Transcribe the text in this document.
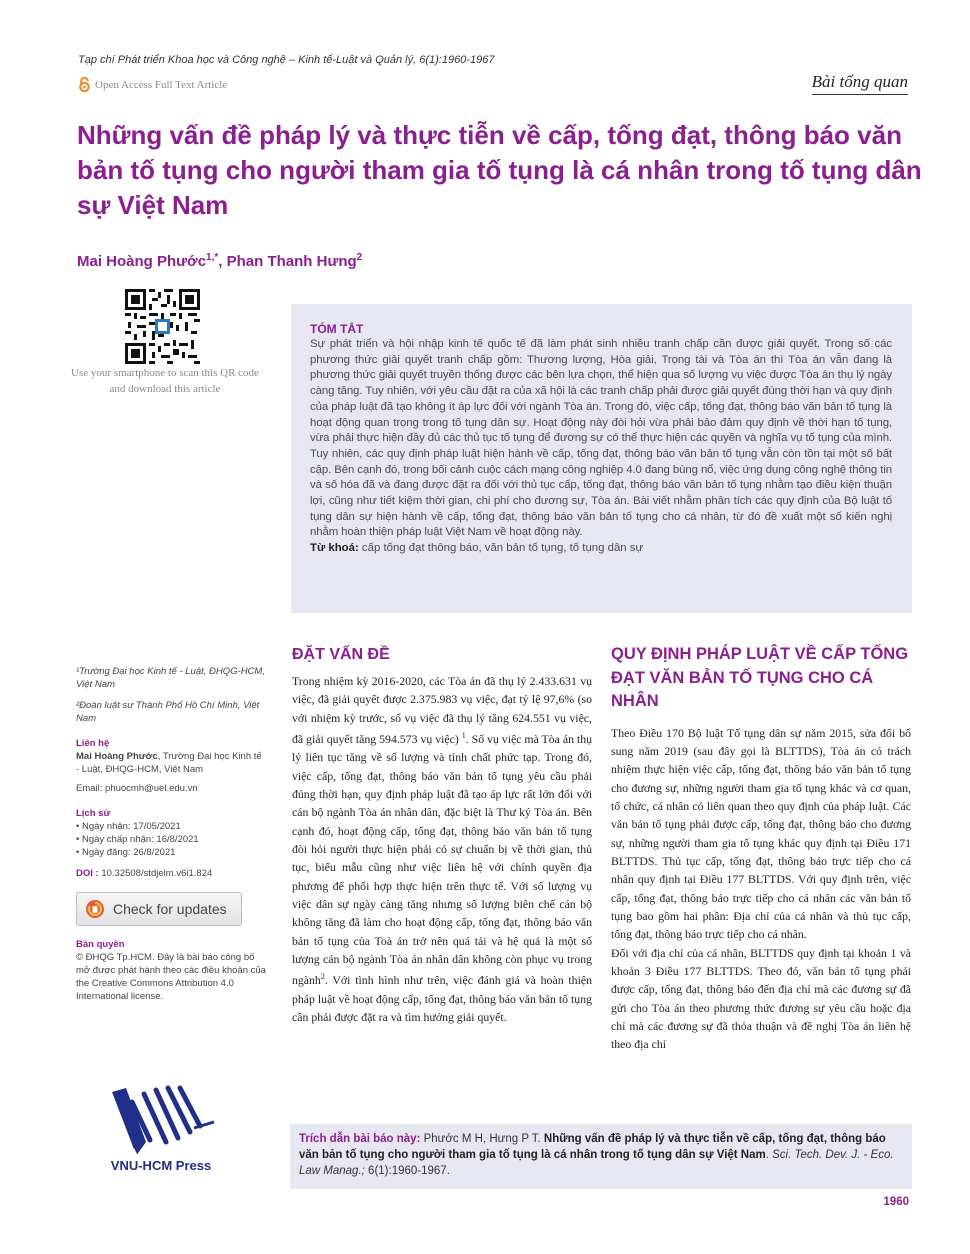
Tạp chí Phát triển Khoa học và Công nghệ – Kinh tế-Luật và Quản lý, 6(1):1960-1967
Open Access Full Text Article	Bài tổng quan
Những vấn đề pháp lý và thực tiễn về cấp, tống đạt, thông báo văn bản tố tụng cho người tham gia tố tụng là cá nhân trong tố tụng dân sự Việt Nam
Mai Hoàng Phước$^{1,*}$, Phan Thanh Hưng$^2$
Use your smartphone to scan this QR code and download this article
TÓM TẮT
Sự phát triển và hội nhập kinh tế quốc tế đã làm phát sinh nhiều tranh chấp cần được giải quyết. Trong số các phương thức giải quyết tranh chấp gồm: Thương lượng, Hòa giải, Trọng tài và Tòa án thì Tòa án vẫn đang là phương thức giải quyết truyền thống được các bên lựa chọn, thể hiện qua số lượng vụ việc được Tòa án thụ lý ngày càng tăng. Tuy nhiên, với yêu cầu đặt ra của xã hội là các tranh chấp phải được giải quyết đúng thời hạn và quy định của pháp luật đã tạo không ít áp lực đối với ngành Tòa án. Trong đó, việc cấp, tống đạt, thông báo văn bản tố tụng là hoạt động quan trọng trong tố tụng dân sự. Hoạt động này đòi hỏi vừa phải bảo đảm quy định về thời hạn tố tụng, vừa phải thực hiện đầy đủ các thủ tục tố tụng để đương sự có thể thực hiện các quyền và nghĩa vụ tố tụng của mình. Tuy nhiên, các quy định pháp luật hiện hành về cấp, tống đạt, thông báo văn bản tố tụng vẫn còn tồn tại một số bất cập. Bên cạnh đó, trong bối cảnh cuộc cách mạng công nghiệp 4.0 đang bùng nổ, việc ứng dụng công nghệ thông tin và số hóa đã và đang được đặt ra đối với thủ tục cấp, tống đạt, thông báo văn bản tố tụng nhằm tạo điều kiện thuận lợi, cũng như tiết kiệm thời gian, chi phí cho đương sự, Tòa án. Bài viết nhằm phân tích các quy định của Bộ luật tố tụng dân sự hiện hành về cấp, tống đạt, thông báo văn bản tố tụng cho cá nhân, từ đó đề xuất một số kiến nghị nhằm hoàn thiện pháp luật Việt Nam về hoạt động này.
Từ khoá: cấp tống đạt thông báo, văn bản tố tụng, tố tụng dân sự
¹Trường Đại học Kinh tế - Luật, ĐHQG-HCM, Việt Nam
²Đoàn luật sư Thành Phố Hồ Chí Minh, Việt Nam
Liên hệ
Mai Hoàng Phước, Trường Đại học Kinh tế - Luật, ĐHQG-HCM, Việt Nam
Email: phuocmh@uel.edu.vn
Lịch sử
• Ngày nhận: 17/05/2021
• Ngày chấp nhận: 16/8/2021
• Ngày đăng: 26/8/2021
DOI : 10.32508/stdjelm.v6i1.824
Check for updates
Bản quyền
© ĐHQG Tp.HCM. Đây là bài báo công bố mở được phát hành theo các điều khoản của the Creative Commons Attribution 4.0 International license.
VNU-HCM Press
ĐẶT VẤN ĐỀ

Trong nhiệm kỳ 2016-2020, các Tòa án đã thụ lý 2.433.631 vụ việc, đã giải quyết được 2.375.983 vụ việc, đạt tỷ lệ 97,6% (so với nhiệm kỳ trước, số vụ việc đã thụ lý tăng 624.551 vụ việc, đã giải quyết tăng 594.573 vụ việc) $^1$. Số vụ việc mà Tòa án thụ lý liên tục tăng về số lượng và tính chất phức tạp. Trong đó, việc cấp, tống đạt, thông báo văn bản tố tụng yêu cầu phải đúng thời hạn, quy định pháp luật đã tạo áp lực rất lớn đối với cán bộ ngành Tòa án nhân dân, đặc biệt là Thư ký Tòa án. Bên cạnh đó, hoạt động cấp, tống đạt, thông báo văn bản tố tụng đòi hỏi người thực hiện phải có sự chuẩn bị về thời gian, thủ tục, biểu mẫu cũng như việc liên hệ với chính quyền địa phương để phối hợp thực hiện trên thực tế. Với số lượng vụ việc dân sự ngày càng tăng nhưng số lượng biên chế cán bộ không tăng đã làm cho hoạt động cấp, tống đạt, thông báo văn bản tố tụng của Toà án trở nên quá tải và hệ quả là một số lượng cán bộ ngành Tòa án nhân dân không còn phục vụ trong ngành$^2$. Với tình hình như trên, việc đánh giá và hoàn thiện pháp luật về hoạt động cấp, tống đạt, thông báo văn bản tố tụng cần phải được đặt ra và tìm hướng giải quyết.

QUY ĐỊNH PHÁP LUẬT VỀ CẤP TỐNG ĐẠT VĂN BẢN TỐ TỤNG CHO CÁ NHÂN

Theo Điều 170 Bộ luật Tố tụng dân sự năm 2015, sửa đổi bổ sung năm 2019 (sau đây gọi là BLTTDS), Tòa án có trách nhiệm thực hiện việc cấp, tống đạt, thông báo văn bản tố tụng cho đương sự, những người tham gia tố tụng khác và cơ quan, tổ chức, cá nhân có liên quan theo quy định của pháp luật. Các văn bản tố tụng phải được cấp, tống đạt, thông báo cho đương sự, những người tham gia tố tụng khác quy định tại Điều 171 BLTTDS. Thủ tục cấp, tống đạt, thông báo trực tiếp cho cá nhân quy định tại Điều 177 BLTTDS. Với quy định trên, việc cấp, tống đạt, thông báo trực tiếp cho cá nhân các văn bản tố tụng bao gồm hai phần: Địa chỉ của cá nhân và thủ tục cấp, tống đạt, thông báo trực tiếp cho cá nhân.

Đối với địa chỉ của cá nhân, BLTTDS quy định tại khoản 1 và khoản 3 Điều 177 BLTTDS. Theo đó, văn bản tố tụng phải được cấp, tống đạt, thông báo đến địa chỉ mà các đương sự đã gửi cho Tòa án theo phương thức đương sự yêu cầu hoặc địa chỉ mà các đương sự đã thỏa thuận và đề nghị Tòa án liên hệ theo địa chỉ

Trích dẫn bài báo này: Phước M H, Hưng P T. Những vấn đề pháp lý và thực tiễn về cấp, tống đạt, thông báo văn bản tố tụng cho người tham gia tố tụng là cá nhân trong tố tụng dân sự Việt Nam. Sci. Tech. Dev. J. - Eco. Law Manag.; 6(1):1960-1967.
1960
